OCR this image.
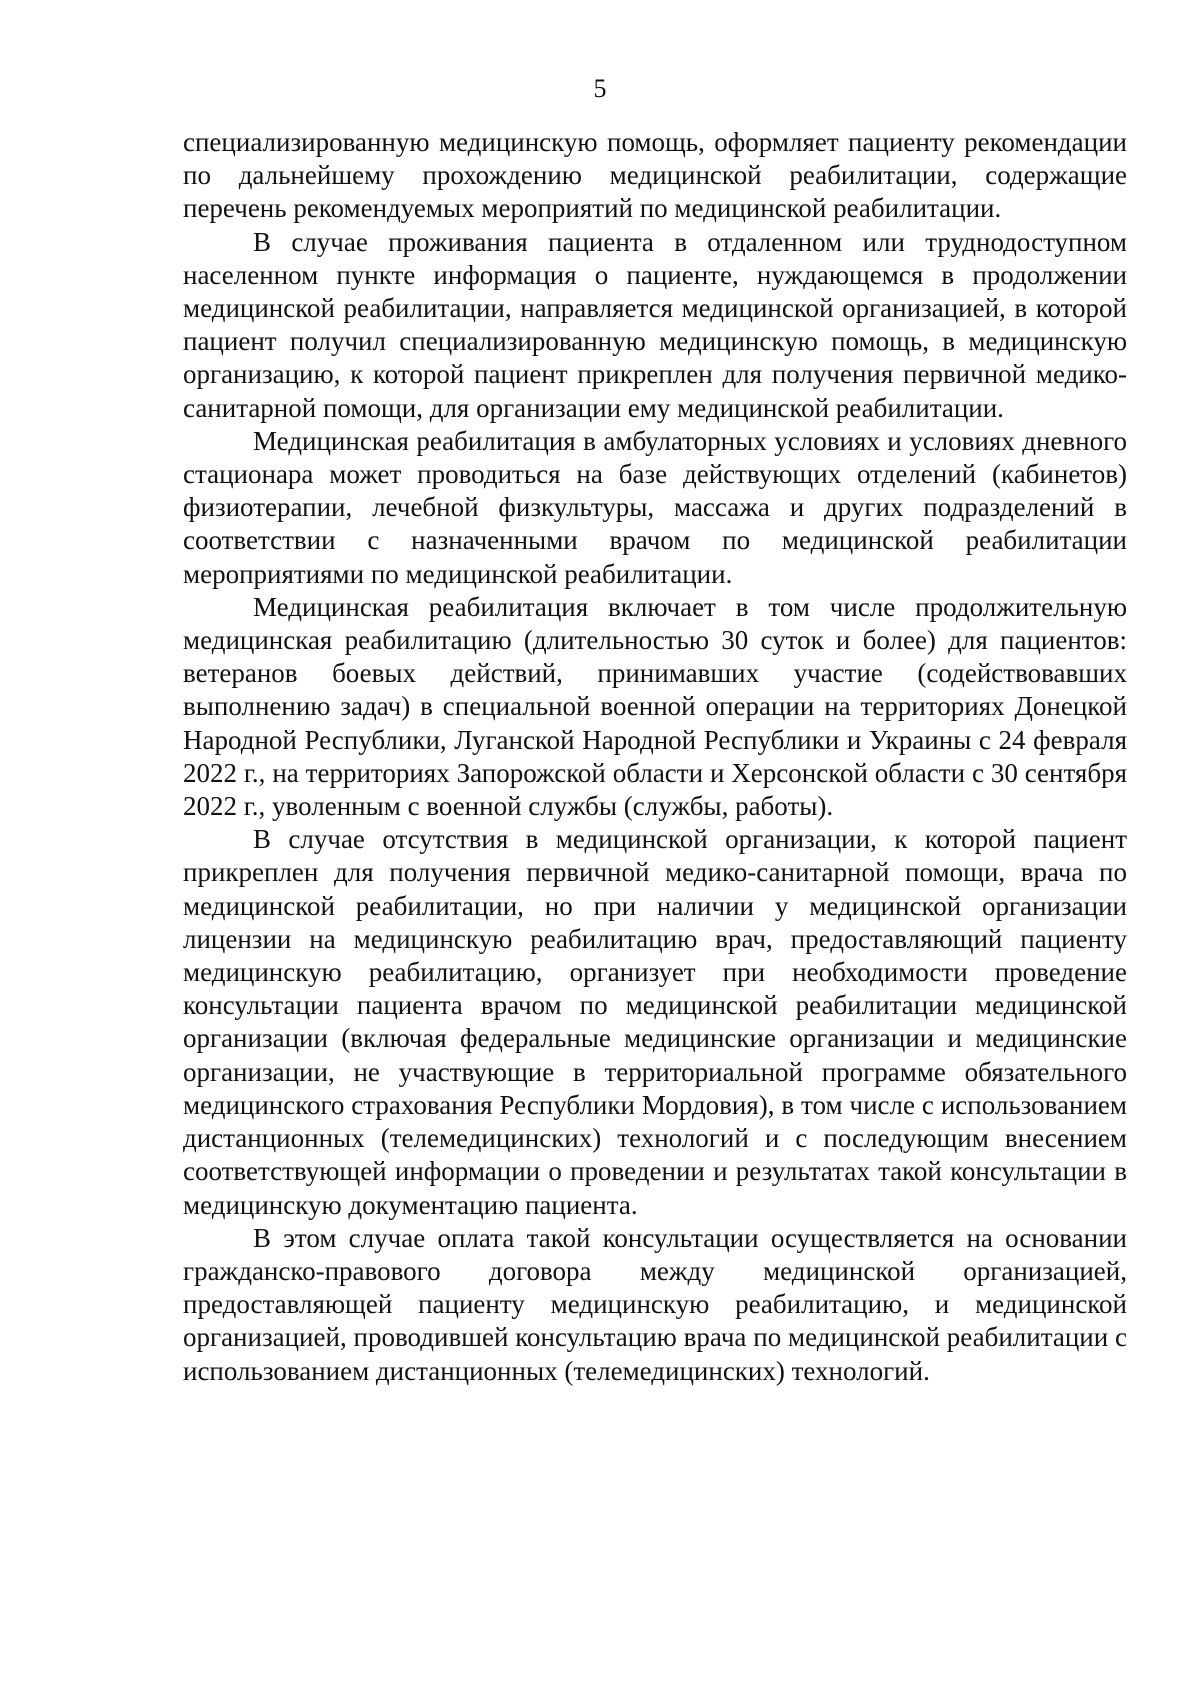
5

специализированную медицинскую помощь, оформляет пациенту рекомендации по дальнейшему прохождению медицинской реабилитации, содержащие перечень рекомендуемых мероприятий по медицинской реабилитации.

В случае проживания пациента в отдаленном или труднодоступном населенном пункте информация о пациенте, нуждающемся в продолжении медицинской реабилитации, направляется медицинской организацией, в которой пациент получил специализированную медицинскую помощь, в медицинскую организацию, к которой пациент прикреплен для получения первичной медико-санитарной помощи, для организации ему медицинской реабилитации.

Медицинская реабилитация в амбулаторных условиях и условиях дневного стационара может проводиться на базе действующих отделений (кабинетов) физиотерапии, лечебной физкультуры, массажа и других подразделений в соответствии с назначенными врачом по медицинской реабилитации мероприятиями по медицинской реабилитации.

Медицинская реабилитация включает в том числе продолжительную медицинская реабилитацию (длительностью 30 суток и более) для пациентов: ветеранов боевых действий, принимавших участие (содействовавших выполнению задач) в специальной военной операции на территориях Донецкой Народной Республики, Луганской Народной Республики и Украины с 24 февраля 2022 г., на территориях Запорожской области и Херсонской области с 30 сентября 2022 г., уволенным с военной службы (службы, работы).

В случае отсутствия в медицинской организации, к которой пациент прикреплен для получения первичной медико-санитарной помощи, врача по медицинской реабилитации, но при наличии у медицинской организации лицензии на медицинскую реабилитацию врач, предоставляющий пациенту медицинскую реабилитацию, организует при необходимости проведение консультации пациента врачом по медицинской реабилитации медицинской организации (включая федеральные медицинские организации и медицинские организации, не участвующие в территориальной программе обязательного медицинского страхования Республики Мордовия), в том числе с использованием дистанционных (телемедицинских) технологий и с последующим внесением соответствующей информации о проведении и результатах такой консультации в медицинскую документацию пациента.

В этом случае оплата такой консультации осуществляется на основании гражданско-правового договора между медицинской организацией, предоставляющей пациенту медицинскую реабилитацию, и медицинской организацией, проводившей консультацию врача по медицинской реабилитации с использованием дистанционных (телемедицинских) технологий.
